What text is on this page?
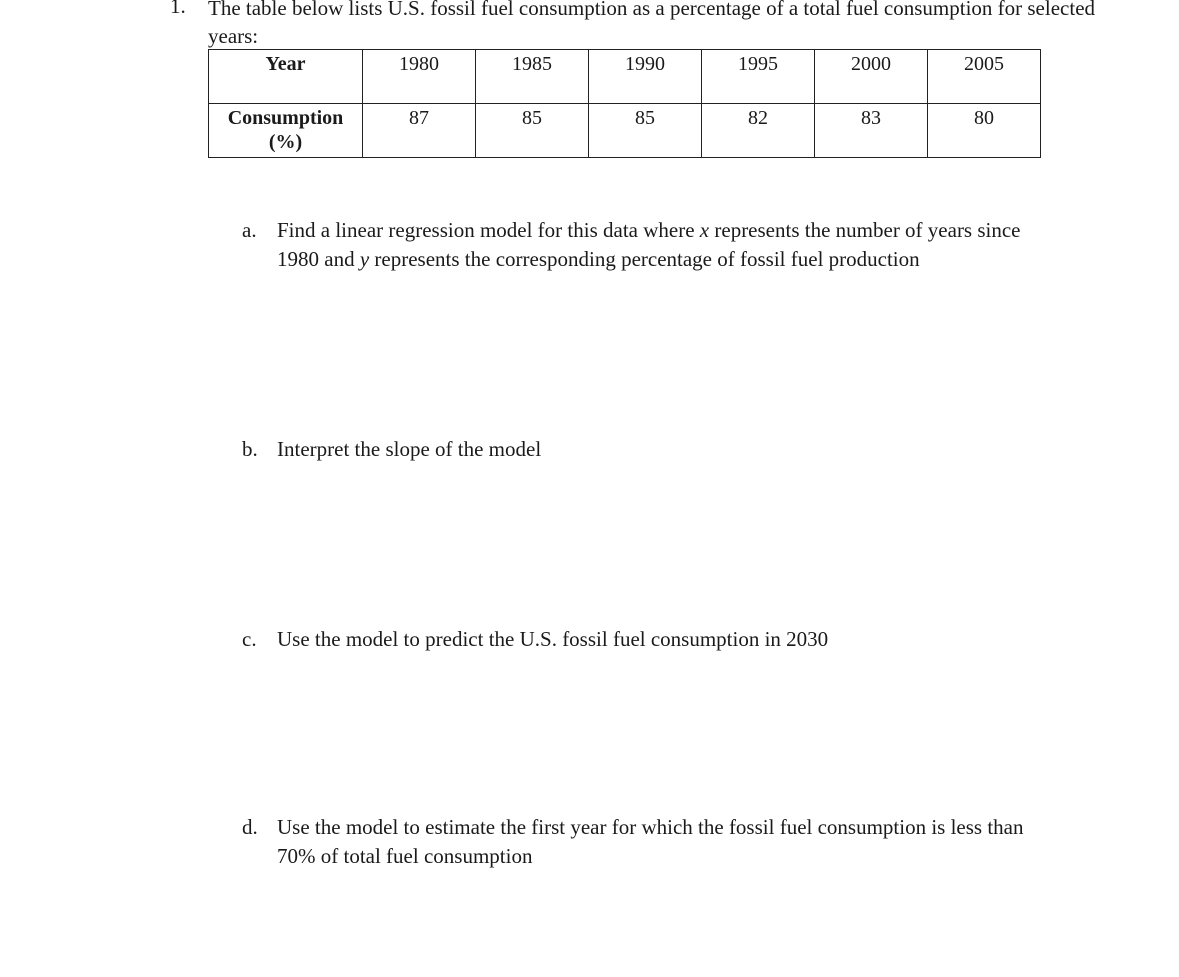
1. The table below lists U.S. fossil fuel consumption as a percentage of a total fuel consumption for selected years:

Year	1980	1985	1990	1995	2000	2005

Consumption
(%)	87	85	85	82	83	80
a. Find a linear regression model for this data where x represents the number of years since 1980 and y represents the corresponding percentage of fossil fuel production
b. Interpret the slope of the model
c. Use the model to predict the U.S. fossil fuel consumption in 2030
d. Use the model to estimate the first year for which the fossil fuel consumption is less than 70% of total fuel consumption
